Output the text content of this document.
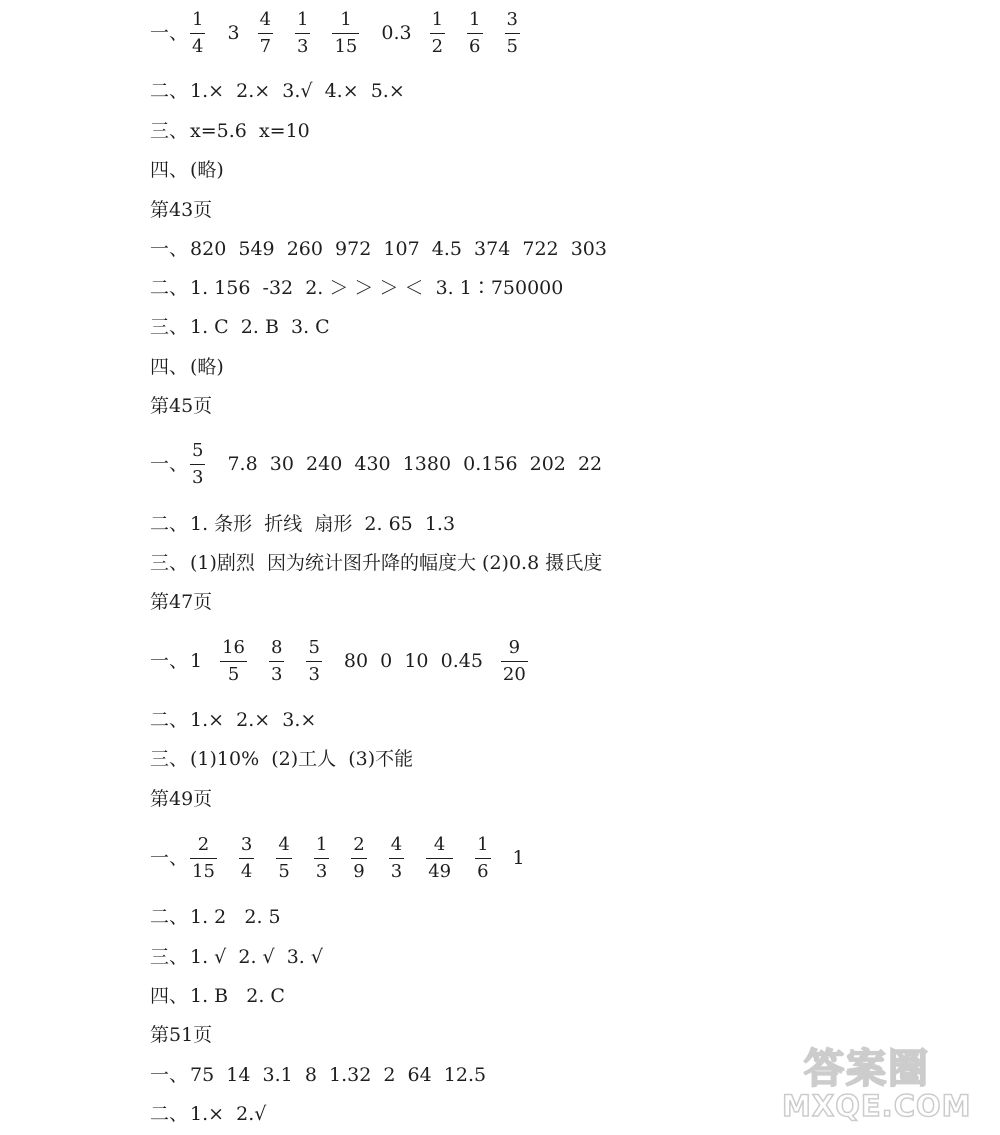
一、 $\frac{1}{4} 3 \frac{4}{7} \frac{1}{3} \frac{1}{15} 0.3 \frac{1}{2} \frac{1}{6} \frac{3}{5}$
二、 1.×  2.×  3.√  4.×  5.×
三、 x=5.6  x=10
四、 (略)
第43页
一、 820  549  260  972  107  4.5  374  722  303
二、 1. 156  -32  2. ＞ ＞ ＞ ＜  3. 1∶750000
三、 1. C  2. B  3. C
四、 (略)
第45页
一、 $\frac{5}{3} 7.8$  30  240  430  1380  0.156  202  22
二、 1. 条形  折线  扇形  2. 65  1.3
三、 (1)剧烈  因为统计图升降的幅度大 (2)0.8 摄氏度
第47页
一、 $1 \frac{16}{5} \frac{8}{3} \frac{5}{3} 80$  0  10  $0.45 \frac{9}{20}$
二、 1.×  2.×  3.×
三、 (1)10%  (2)工人  (3)不能
第49页
一、 $\frac{2}{15} \frac{3}{4} \frac{4}{5} \frac{1}{3} \frac{2}{9} \frac{4}{3} \frac{4}{49} \frac{1}{6} 1$
二、 1. 2   2. 5
三、 1. √  2. √  3. √
四、 1. B   2. C
第51页
一、 75  14  3.1  8  1.32  2  64  12.5
二、 1.×  2.√
答案圈
MXQE.COM
